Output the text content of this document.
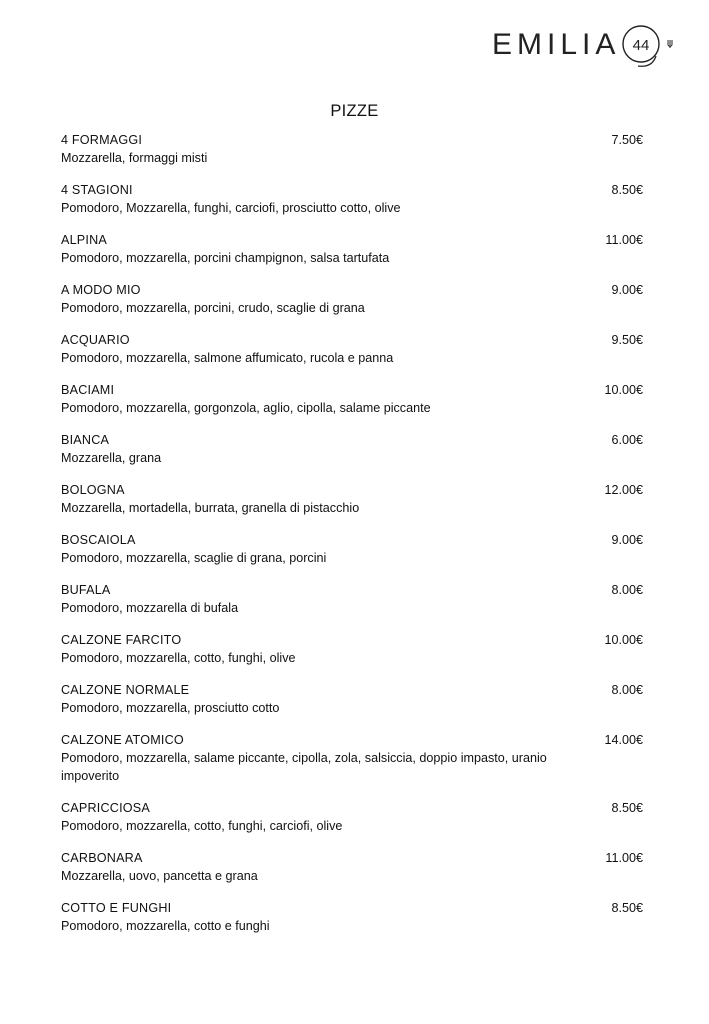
EMILIA 44
PIZZE
4 FORMAGGI	7.50€
Mozzarella, formaggi misti
4 STAGIONI	8.50€
Pomodoro, Mozzarella, funghi, carciofi, prosciutto cotto, olive
ALPINA	11.00€
Pomodoro, mozzarella, porcini champignon, salsa tartufata
A MODO MIO	9.00€
Pomodoro, mozzarella, porcini, crudo, scaglie di grana
ACQUARIO	9.50€
Pomodoro, mozzarella, salmone affumicato, rucola e panna
BACIAMI	10.00€
Pomodoro, mozzarella, gorgonzola, aglio, cipolla, salame piccante
BIANCA	6.00€
Mozzarella, grana
BOLOGNA	12.00€
Mozzarella, mortadella, burrata, granella di pistacchio
BOSCAIOLA	9.00€
Pomodoro, mozzarella, scaglie di grana, porcini
BUFALA	8.00€
Pomodoro, mozzarella di bufala
CALZONE FARCITO	10.00€
Pomodoro, mozzarella, cotto, funghi, olive
CALZONE NORMALE	8.00€
Pomodoro, mozzarella, prosciutto cotto
CALZONE ATOMICO	14.00€
Pomodoro, mozzarella, salame piccante, cipolla, zola, salsiccia, doppio impasto, uranio impoverito
CAPRICCIOSA	8.50€
Pomodoro, mozzarella, cotto, funghi, carciofi, olive
CARBONARA	11.00€
Mozzarella, uovo, pancetta e grana
COTTO E FUNGHI	8.50€
Pomodoro, mozzarella, cotto e funghi
